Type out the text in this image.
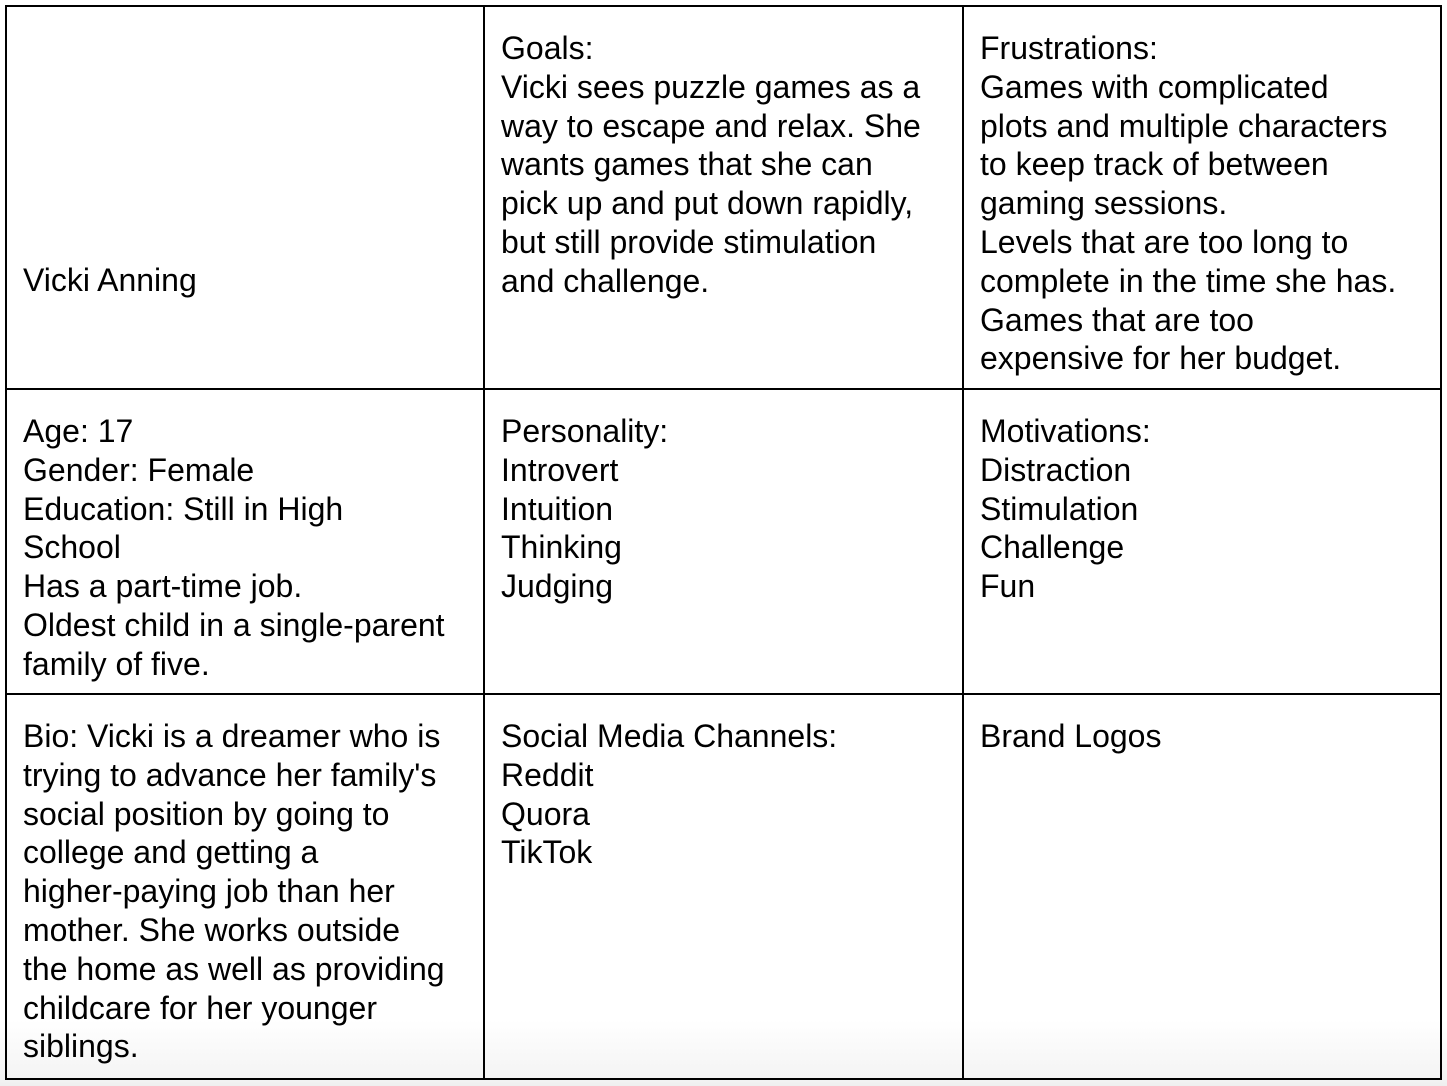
Vicki Anning
Goals:
Vicki sees puzzle games as a
way to escape and relax. She
wants games that she can
pick up and put down rapidly,
but still provide stimulation
and challenge.
Frustrations:
Games with complicated
plots and multiple characters
to keep track of between
gaming sessions.
Levels that are too long to
complete in the time she has.
Games that are too
expensive for her budget.
Age: 17
Gender: Female
Education: Still in High
School
Has a part-time job.
Oldest child in a single-parent
family of five.
Personality:
Introvert
Intuition
Thinking
Judging
Motivations:
Distraction
Stimulation
Challenge
Fun
Bio: Vicki is a dreamer who is
trying to advance her family's
social position by going to
college and getting a
higher-paying job than her
mother. She works outside
the home as well as providing
childcare for her younger
siblings.
Social Media Channels:
Reddit
Quora
TikTok
Brand Logos
